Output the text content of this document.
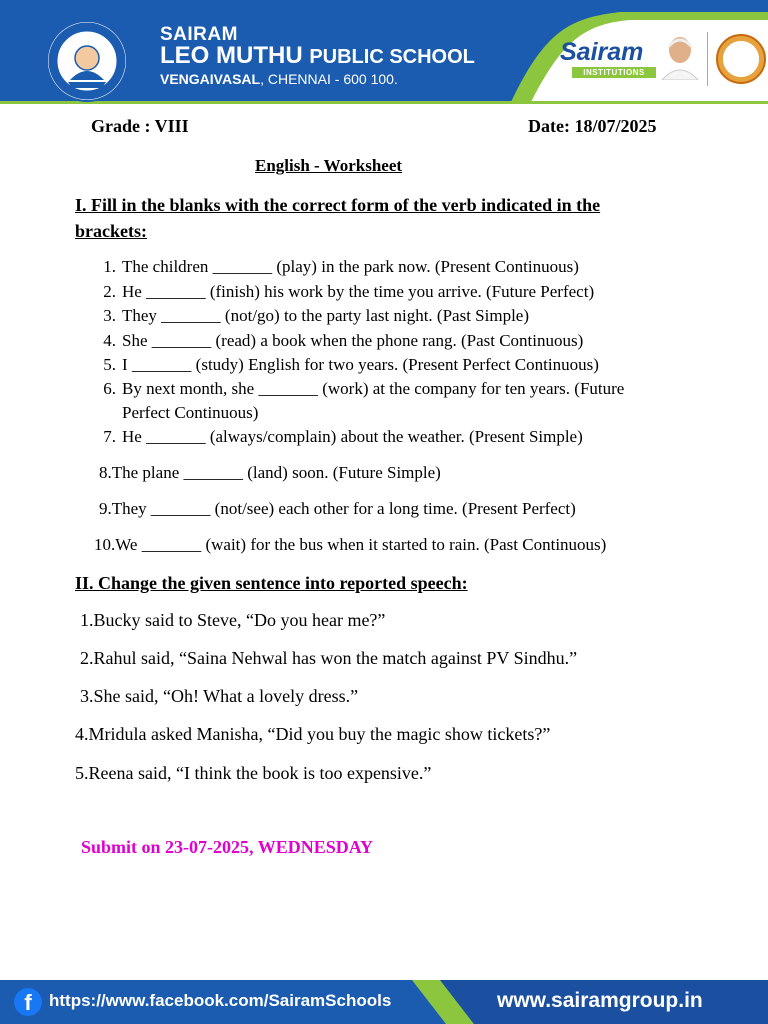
SAIRAM
LEO MUTHU PUBLIC SCHOOL
VENGAIVASAL, CHENNAI - 600 100.
Sairam
INSTITUTIONS
Grade : VIII	Date: 18/07/2025
English - Worksheet
I. Fill in the blanks with the correct form of the verb indicated in the
brackets:
1. The children _______ (play) in the park now. (Present Continuous)
2. He _______ (finish) his work by the time you arrive. (Future Perfect)
3. They _______ (not/go) to the party last night. (Past Simple)
4. She _______ (read) a book when the phone rang. (Past Continuous)
5. I _______ (study) English for two years. (Present Perfect Continuous)
6. By next month, she _______ (work) at the company for ten years. (Future
Perfect Continuous)
7. He _______ (always/complain) about the weather. (Present Simple)
8.The plane _______ (land) soon. (Future Simple)
9.They _______ (not/see) each other for a long time. (Present Perfect)
10.We _______ (wait) for the bus when it started to rain. (Past Continuous)
II. Change the given sentence into reported speech:
1.Bucky said to Steve, “Do you hear me?”
2.Rahul said, “Saina Nehwal has won the match against PV Sindhu.”
3.She said, “Oh! What a lovely dress.”
4.Mridula asked Manisha, “Did you buy the magic show tickets?”
5.Reena said, “I think the book is too expensive.”
Submit on 23-07-2025, WEDNESDAY
f	https://www.facebook.com/SairamSchools	www.sairamgroup.in
